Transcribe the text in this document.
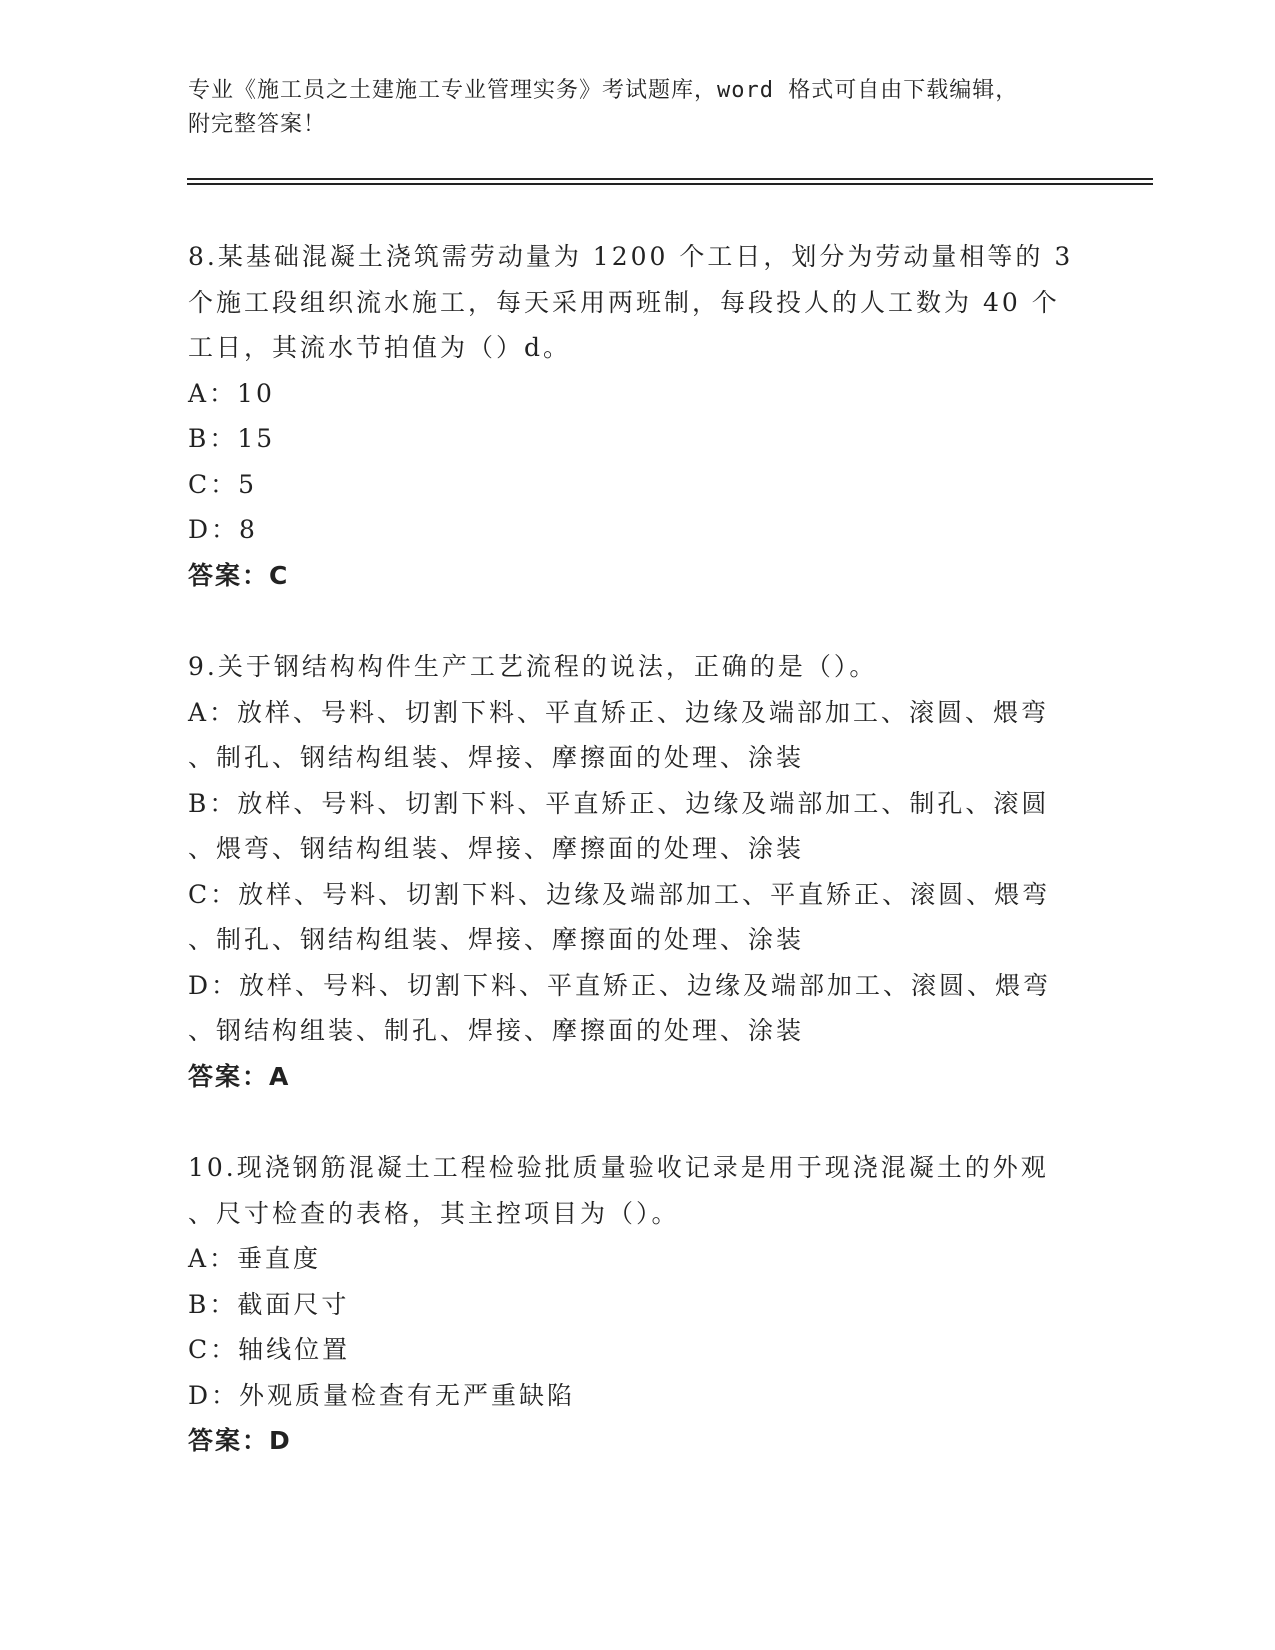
专业《施工员之土建施工专业管理实务》考试题库，word 格式可自由下载编辑，
附完整答案！
8.某基础混凝土浇筑需劳动量为 1200 个工日，划分为劳动量相等的 3
个施工段组织流水施工，每天采用两班制，每段投人的人工数为 40 个
工日，其流水节拍值为（）d。
A：10
B：15
C：5
D：8
答案：C
9.关于钢结构构件生产工艺流程的说法，正确的是（）。
A：放样、号料、切割下料、平直矫正、边缘及端部加工、滚圆、煨弯
、制孔、钢结构组装、焊接、摩擦面的处理、涂装
B：放样、号料、切割下料、平直矫正、边缘及端部加工、制孔、滚圆
、煨弯、钢结构组装、焊接、摩擦面的处理、涂装
C：放样、号料、切割下料、边缘及端部加工、平直矫正、滚圆、煨弯
、制孔、钢结构组装、焊接、摩擦面的处理、涂装
D：放样、号料、切割下料、平直矫正、边缘及端部加工、滚圆、煨弯
、钢结构组装、制孔、焊接、摩擦面的处理、涂装
答案：A
10.现浇钢筋混凝土工程检验批质量验收记录是用于现浇混凝土的外观
、尺寸检查的表格，其主控项目为（）。
A：垂直度
B：截面尺寸
C：轴线位置
D：外观质量检查有无严重缺陷
答案：D
